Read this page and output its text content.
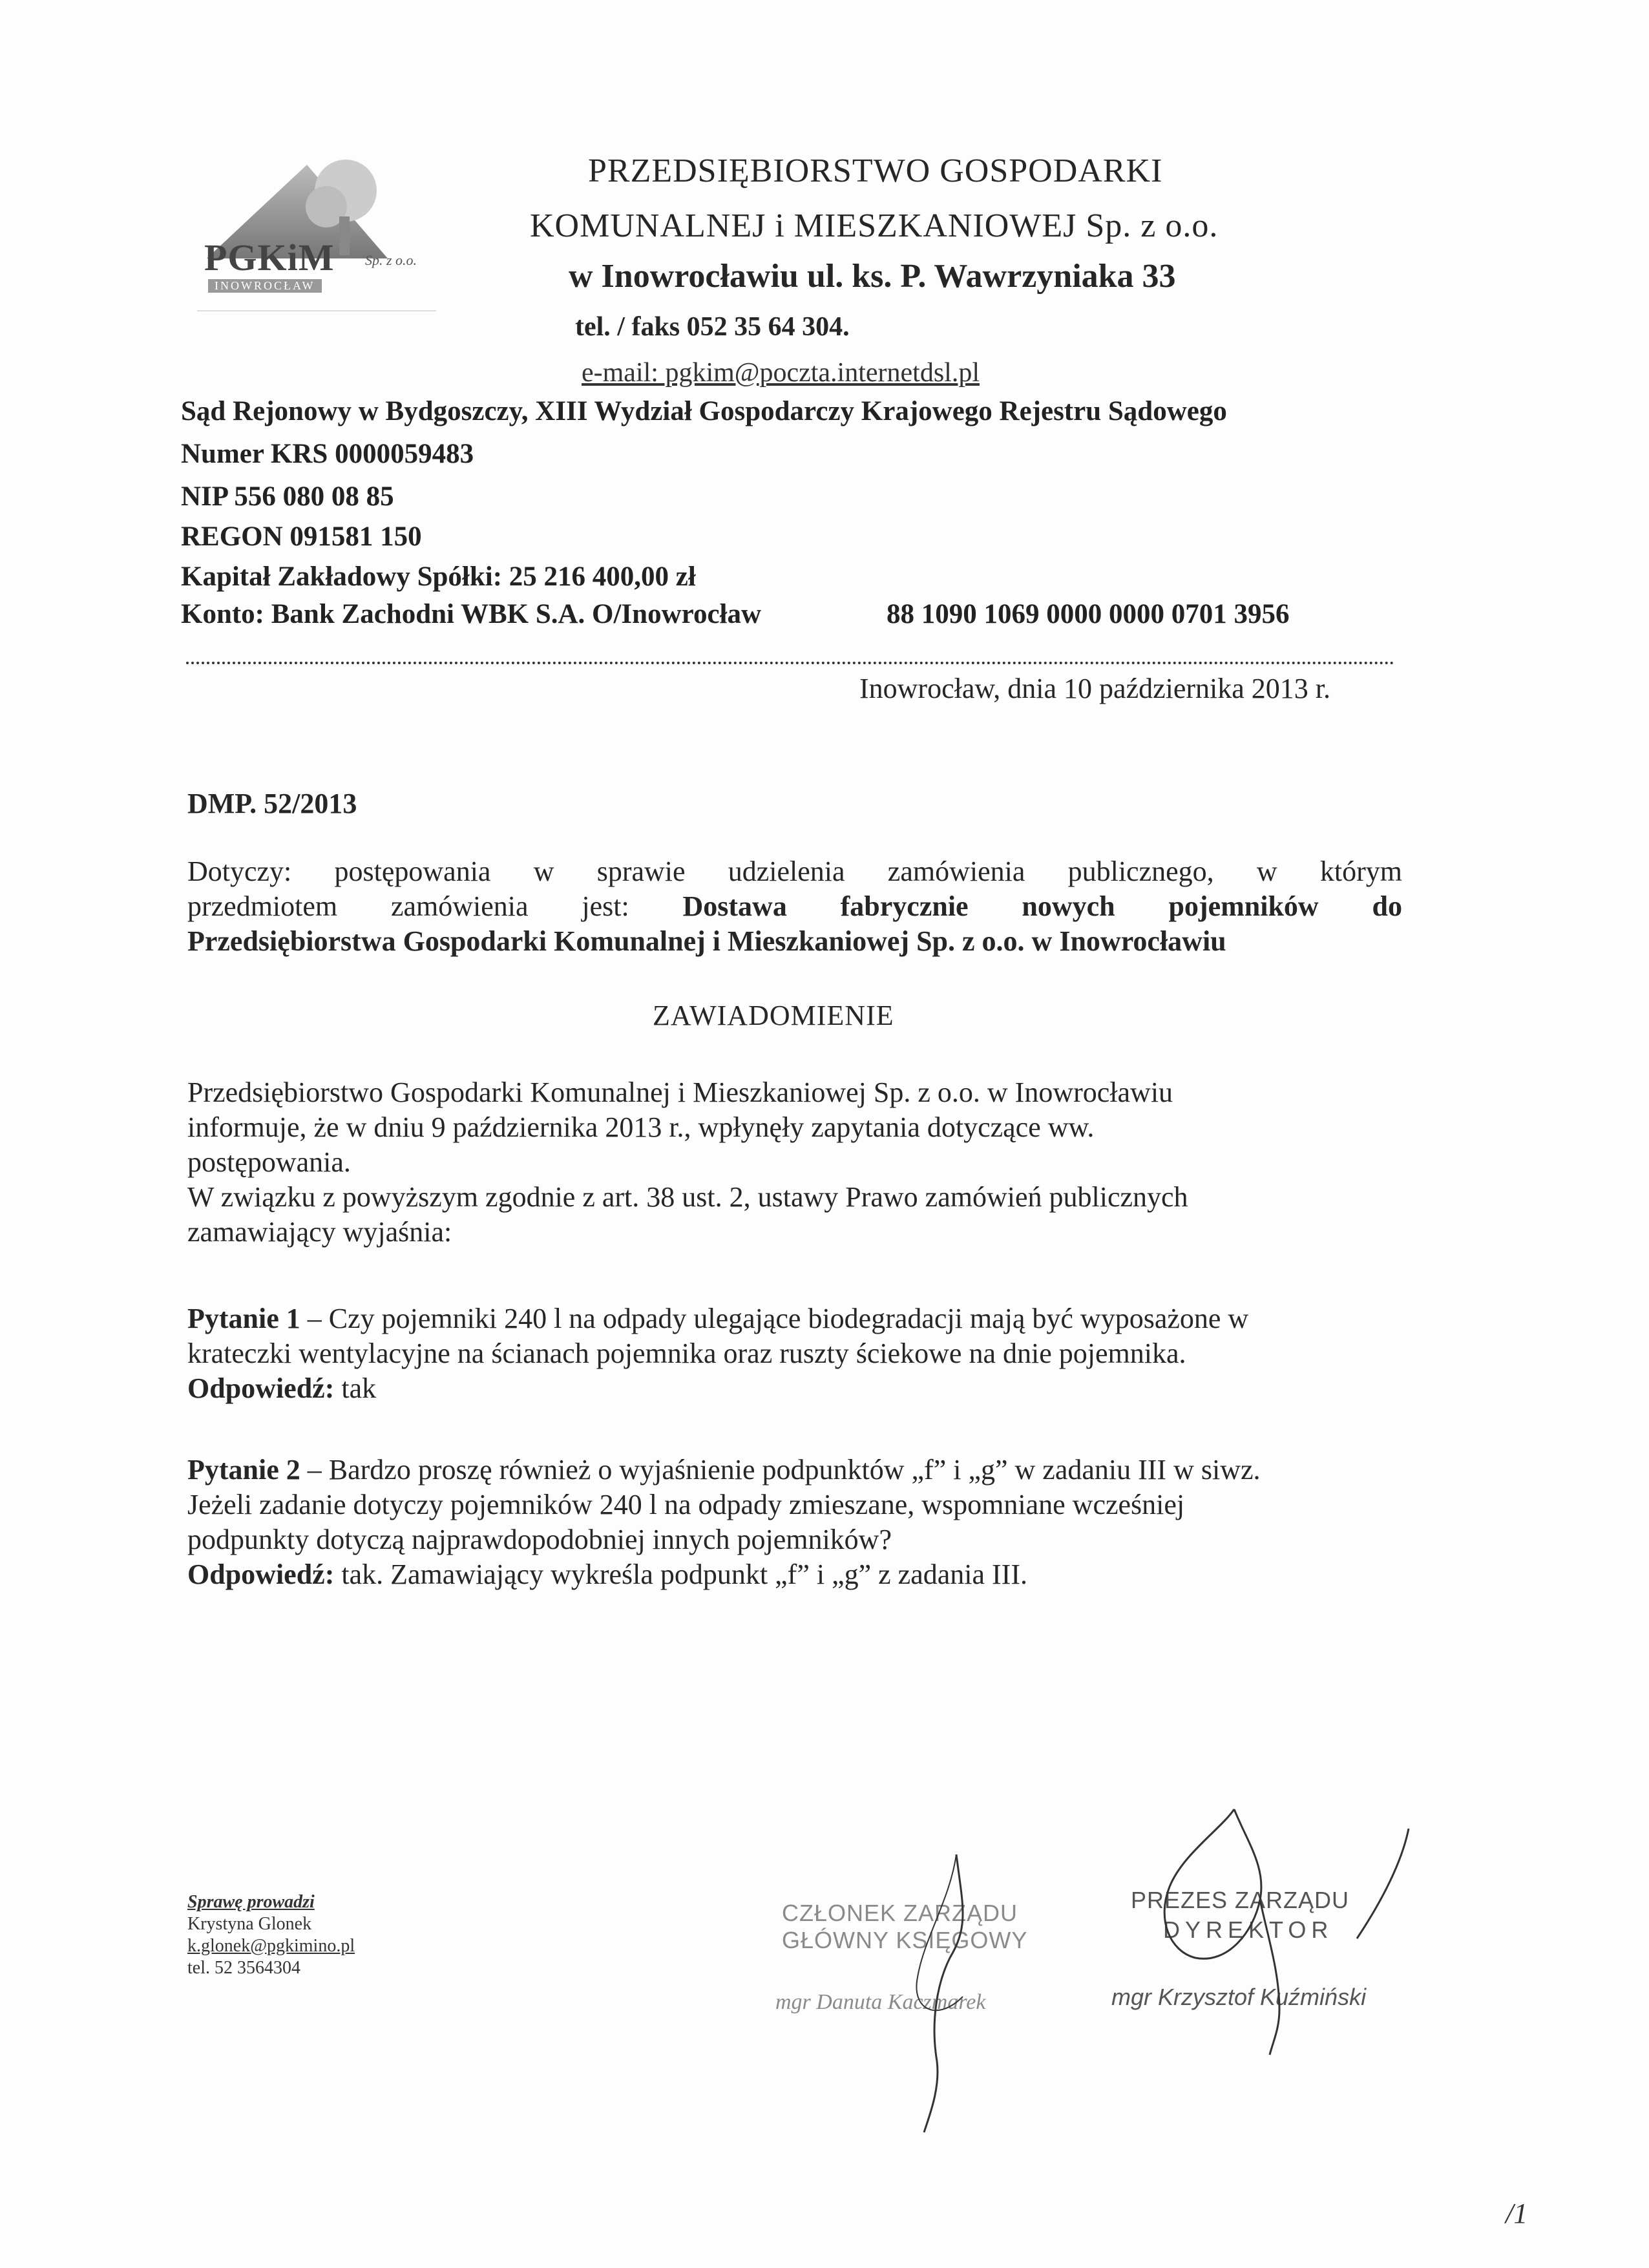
PGKiM
INOWROCŁAW
Sp. z o.o.
PRZEDSIĘBIORSTWO GOSPODARKI
KOMUNALNEJ i MIESZKANIOWEJ Sp. z o.o.
w Inowrocławiu ul. ks. P. Wawrzyniaka 33
tel. / faks 052 35 64 304.
e-mail: pgkim@poczta.internetdsl.pl
Sąd Rejonowy w Bydgoszczy, XIII Wydział Gospodarczy Krajowego Rejestru Sądowego
Numer KRS 0000059483
NIP 556 080 08 85
REGON 091581 150
Kapitał Zakładowy Spółki: 25 216 400,00 zł
Konto: Bank Zachodni WBK S.A. O/Inowrocław	88 1090 1069 0000 0000 0701 3956
Inowrocław, dnia 10 października 2013 r.
DMP. 52/2013
Dotyczy: postępowania w sprawie udzielenia zamówienia publicznego, w którym
przedmiotem zamówienia jest: Dostawa fabrycznie nowych pojemników do
Przedsiębiorstwa Gospodarki Komunalnej i Mieszkaniowej Sp. z o.o. w Inowrocławiu
ZAWIADOMIENIE
Przedsiębiorstwo Gospodarki Komunalnej i Mieszkaniowej Sp. z o.o. w Inowrocławiu
informuje, że w dniu 9 października 2013 r., wpłynęły zapytania dotyczące ww.
postępowania.
W związku z powyższym zgodnie z art. 38 ust. 2, ustawy Prawo zamówień publicznych
zamawiający wyjaśnia:
Pytanie 1 – Czy pojemniki 240 l na odpady ulegające biodegradacji mają być wyposażone w
krateczki wentylacyjne na ścianach pojemnika oraz ruszty ściekowe na dnie pojemnika.
Odpowiedź: tak
Pytanie 2 – Bardzo proszę również o wyjaśnienie podpunktów „f” i „g” w zadaniu III w siwz.
Jeżeli zadanie dotyczy pojemników 240 l na odpady zmieszane, wspomniane wcześniej
podpunkty dotyczą najprawdopodobniej innych pojemników?
Odpowiedź: tak. Zamawiający wykreśla podpunkt „f” i „g” z zadania III.
Sprawę prowadzi
Krystyna Glonek
k.glonek@pgkimino.pl
tel. 52 3564304
CZŁONEK ZARZĄDU
GŁÓWNY KSIĘGOWY
mgr Danuta Kaczmarek
PREZES ZARZĄDU
DYREKTOR
mgr Krzysztof Kuźmiński
/1
